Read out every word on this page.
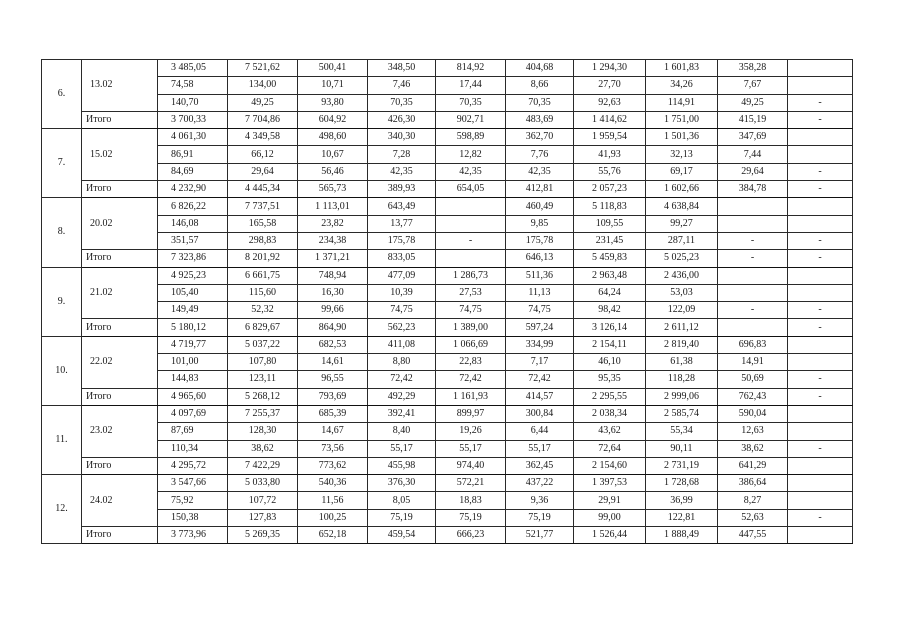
6.	13.02	3 485,05	7 521,62	500,41	348,50	814,92	404,68	1 294,30	1 601,83	358,28	
		74,58	134,00	10,71	7,46	17,44	8,66	27,70	34,26	7,67	
		140,70	49,25	93,80	70,35	70,35	70,35	92,63	114,91	49,25	-
	Итого	3 700,33	7 704,86	604,92	426,30	902,71	483,69	1 414,62	1 751,00	415,19	-
7.	15.02	4 061,30	4 349,58	498,60	340,30	598,89	362,70	1 959,54	1 501,36	347,69	
		86,91	66,12	10,67	7,28	12,82	7,76	41,93	32,13	7,44	
		84,69	29,64	56,46	42,35	42,35	42,35	55,76	69,17	29,64	-
	Итого	4 232,90	4 445,34	565,73	389,93	654,05	412,81	2 057,23	1 602,66	384,78	-
8.	20.02	6 826,22	7 737,51	1 113,01	643,49		460,49	5 118,83	4 638,84		
		146,08	165,58	23,82	13,77		9,85	109,55	99,27		
		351,57	298,83	234,38	175,78	-	175,78	231,45	287,11	-	-
	Итого	7 323,86	8 201,92	1 371,21	833,05		646,13	5 459,83	5 025,23	-	-
9.	21.02	4 925,23	6 661,75	748,94	477,09	1 286,73	511,36	2 963,48	2 436,00		
		105,40	115,60	16,30	10,39	27,53	11,13	64,24	53,03		
		149,49	52,32	99,66	74,75	74,75	74,75	98,42	122,09	-	-
	Итого	5 180,12	6 829,67	864,90	562,23	1 389,00	597,24	3 126,14	2 611,12		-
10.	22.02	4 719,77	5 037,22	682,53	411,08	1 066,69	334,99	2 154,11	2 819,40	696,83	
		101,00	107,80	14,61	8,80	22,83	7,17	46,10	61,38	14,91	
		144,83	123,11	96,55	72,42	72,42	72,42	95,35	118,28	50,69	-
	Итого	4 965,60	5 268,12	793,69	492,29	1 161,93	414,57	2 295,55	2 999,06	762,43	-
11.	23.02	4 097,69	7 255,37	685,39	392,41	899,97	300,84	2 038,34	2 585,74	590,04	
		87,69	128,30	14,67	8,40	19,26	6,44	43,62	55,34	12,63	
		110,34	38,62	73,56	55,17	55,17	55,17	72,64	90,11	38,62	-
	Итого	4 295,72	7 422,29	773,62	455,98	974,40	362,45	2 154,60	2 731,19	641,29	
12.	24.02	3 547,66	5 033,80	540,36	376,30	572,21	437,22	1 397,53	1 728,68	386,64	
		75,92	107,72	11,56	8,05	18,83	9,36	29,91	36,99	8,27	
		150,38	127,83	100,25	75,19	75,19	75,19	99,00	122,81	52,63	-
	Итого	3 773,96	5 269,35	652,18	459,54	666,23	521,77	1 526,44	1 888,49	447,55	
